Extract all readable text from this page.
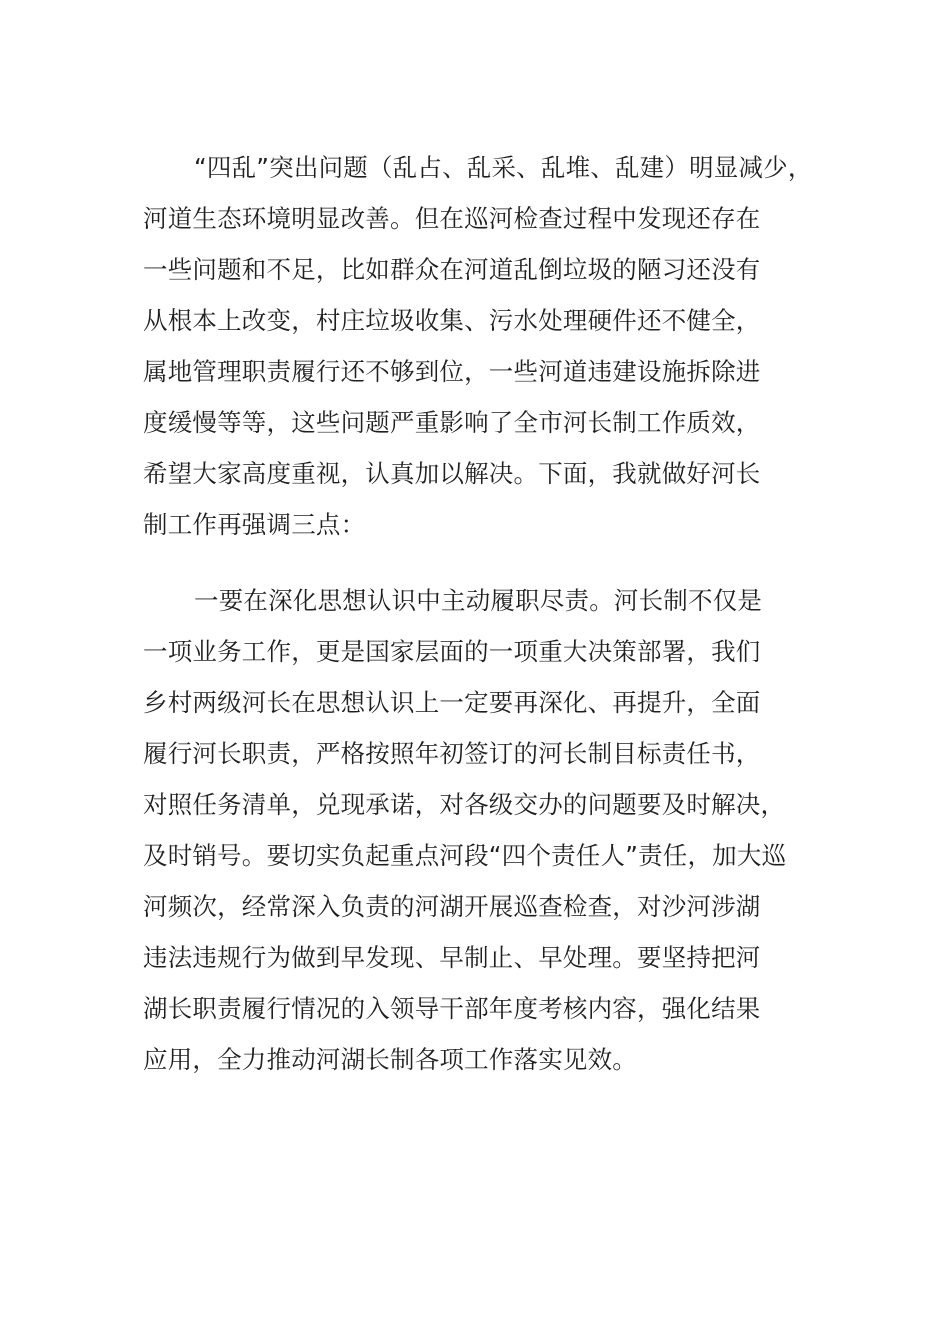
“四乱”突出问题（乱占、乱采、乱堆、乱建）明显减少，
河道生态环境明显改善。但在巡河检查过程中发现还存在
一些问题和不足，比如群众在河道乱倒垃圾的陋习还没有
从根本上改变，村庄垃圾收集、污水处理硬件还不健全，
属地管理职责履行还不够到位，一些河道违建设施拆除进
度缓慢等等，这些问题严重影响了全市河长制工作质效，
希望大家高度重视，认真加以解决。下面，我就做好河长
制工作再强调三点：
一要在深化思想认识中主动履职尽责。河长制不仅是
一项业务工作，更是国家层面的一项重大决策部署，我们
乡村两级河长在思想认识上一定要再深化、再提升，全面
履行河长职责，严格按照年初签订的河长制目标责任书，
对照任务清单，兑现承诺，对各级交办的问题要及时解决，
及时销号。要切实负起重点河段“四个责任人”责任，加大巡
河频次，经常深入负责的河湖开展巡查检查，对沙河涉湖
违法违规行为做到早发现、早制止、早处理。要坚持把河
湖长职责履行情况的入领导干部年度考核内容，强化结果
应用，全力推动河湖长制各项工作落实见效。
